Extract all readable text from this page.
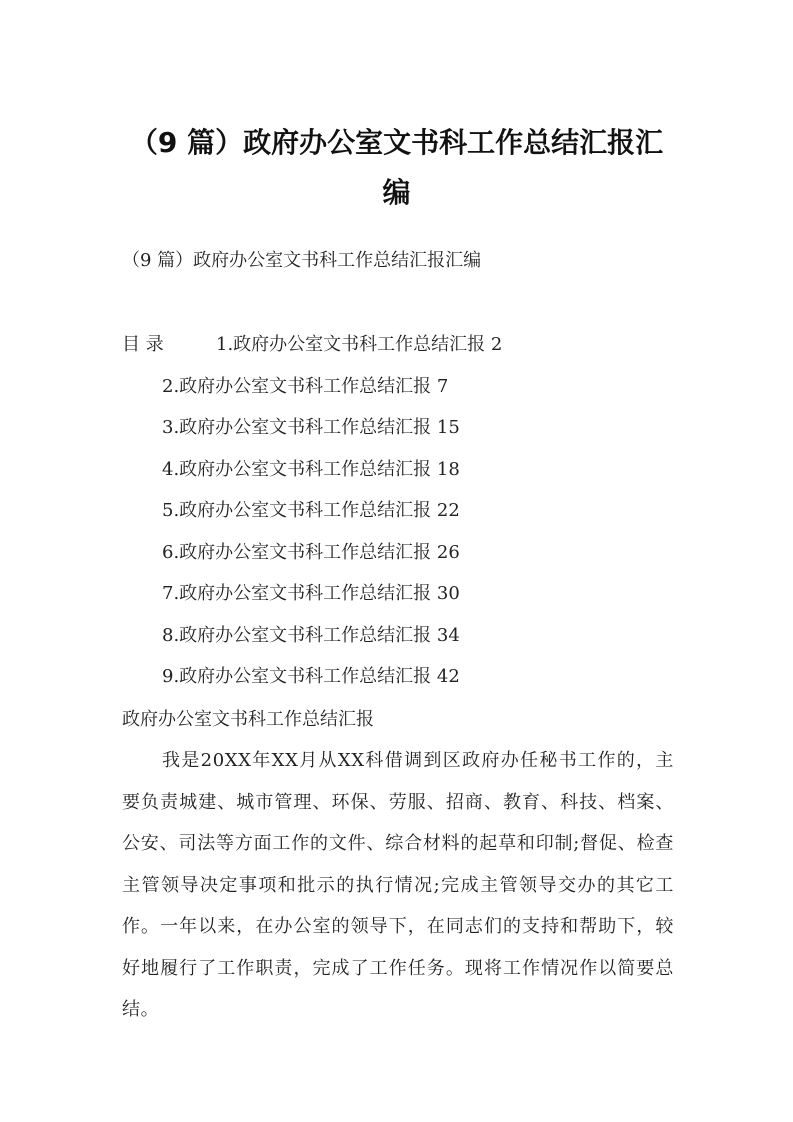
（9 篇）政府办公室文书科工作总结汇报汇
编
（9 篇）政府办公室文书科工作总结汇报汇编
目 录	1.政府办公室文书科工作总结汇报 2
2.政府办公室文书科工作总结汇报 7
3.政府办公室文书科工作总结汇报 15
4.政府办公室文书科工作总结汇报 18
5.政府办公室文书科工作总结汇报 22
6.政府办公室文书科工作总结汇报 26
7.政府办公室文书科工作总结汇报 30
8.政府办公室文书科工作总结汇报 34
9.政府办公室文书科工作总结汇报 42
政府办公室文书科工作总结汇报

我是20XX年XX月从XX科借调到区政府办任秘书工作的，主要负责城建、城市管理、环保、劳服、招商、教育、科技、档案、公安、司法等方面工作的文件、综合材料的起草和印制;督促、检查主管领导决定事项和批示的执行情况;完成主管领导交办的其它工作。一年以来，在办公室的领导下，在同志们的支持和帮助下，较好地履行了工作职责，完成了工作任务。现将工作情况作以简要总结。
